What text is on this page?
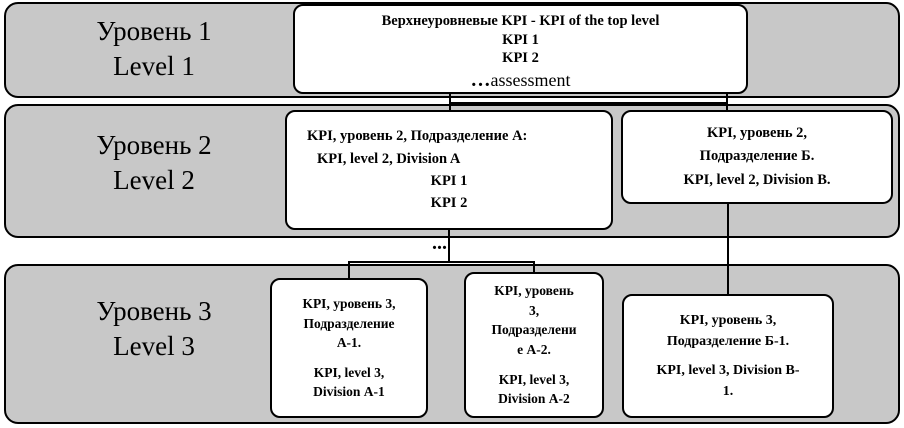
Уровень 1
Level 1
Уровень 2
Level 2
Уровень 3
Level 3
...
Верхнеуровневые KPI - KPI of the top level
KPI 1
KPI 2
…assessment
KPI, уровень 2, Подразделение А:
KPI, level 2, Division A
KPI 1
KPI 2
KPI, уровень 2,
Подразделение Б.
KPI, level 2, Division B.
KPI, уровень 3,
Подразделение
А-1.
KPI, level 3,
Division А-1
KPI, уровень
3,
Подразделени
е А-2.
KPI, level 3,
Division А-2
KPI, уровень 3,
Подразделение Б-1.
KPI, level 3, Division B-
1.
